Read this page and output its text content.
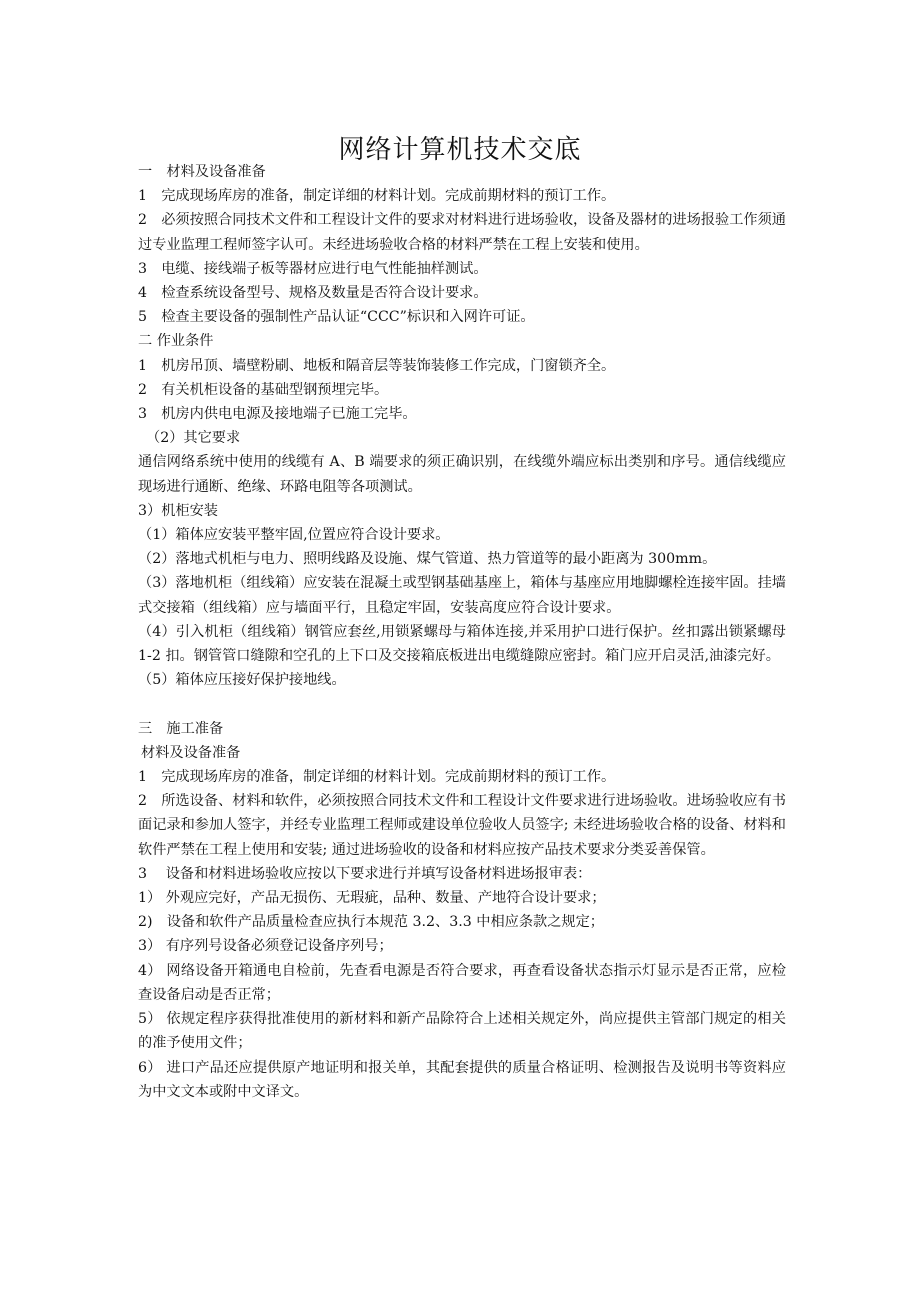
网络计算机技术交底

一　材料及设备准备

1　完成现场库房的准备，制定详细的材料计划。完成前期材料的预订工作。

2　必须按照合同技术文件和工程设计文件的要求对材料进行进场验收，设备及器材的进场报验工作须通过专业监理工程师签字认可。未经进场验收合格的材料严禁在工程上安装和使用。

3　电缆、接线端子板等器材应进行电气性能抽样测试。

4　检查系统设备型号、规格及数量是否符合设计要求。

5　检查主要设备的强制性产品认证“CCC”标识和入网许可证。

二 作业条件

1　机房吊顶、墙壁粉刷、地板和隔音层等装饰装修工作完成，门窗锁齐全。

2　有关机柜设备的基础型钢预埋完毕。

3　机房内供电电源及接地端子已施工完毕。

（2）其它要求

通信网络系统中使用的线缆有 A、B 端要求的须正确识别，在线缆外端应标出类别和序号。通信线缆应现场进行通断、绝缘、环路电阻等各项测试。

3）机柜安装

（1）箱体应安装平整牢固,位置应符合设计要求。

（2）落地式机柜与电力、照明线路及设施、煤气管道、热力管道等的最小距离为 300mm。

（3）落地机柜（组线箱）应安装在混凝土或型钢基础基座上，箱体与基座应用地脚螺栓连接牢固。挂墙式交接箱（组线箱）应与墙面平行，且稳定牢固，安装高度应符合设计要求。

（4）引入机柜（组线箱）钢管应套丝,用锁紧螺母与箱体连接,并采用护口进行保护。丝扣露出锁紧螺母 1-2 扣。钢管管口缝隙和空孔的上下口及交接箱底板进出电缆缝隙应密封。箱门应开启灵活,油漆完好。

（5）箱体应压接好保护接地线。

三　施工准备

材料及设备准备

1　完成现场库房的准备，制定详细的材料计划。完成前期材料的预订工作。

2　所选设备、材料和软件，必须按照合同技术文件和工程设计文件要求进行进场验收。进场验收应有书面记录和参加人签字，并经专业监理工程师或建设单位验收人员签字; 未经进场验收合格的设备、材料和软件严禁在工程上使用和安装; 通过进场验收的设备和材料应按产品技术要求分类妥善保管。

3　 设备和材料进场验收应按以下要求进行并填写设备材料进场报审表：

1） 外观应完好，产品无损伤、无瑕疵，品种、数量、产地符合设计要求；

2)　设备和软件产品质量检查应执行本规范 3.2、3.3 中相应条款之规定；

3） 有序列号设备必须登记设备序列号；

4） 网络设备开箱通电自检前，先查看电源是否符合要求，再查看设备状态指示灯显示是否正常，应检查设备启动是否正常；

5） 依规定程序获得批准使用的新材料和新产品除符合上述相关规定外，尚应提供主管部门规定的相关的准予使用文件；

6） 进口产品还应提供原产地证明和报关单，其配套提供的质量合格证明、检测报告及说明书等资料应为中文文本或附中文译文。
